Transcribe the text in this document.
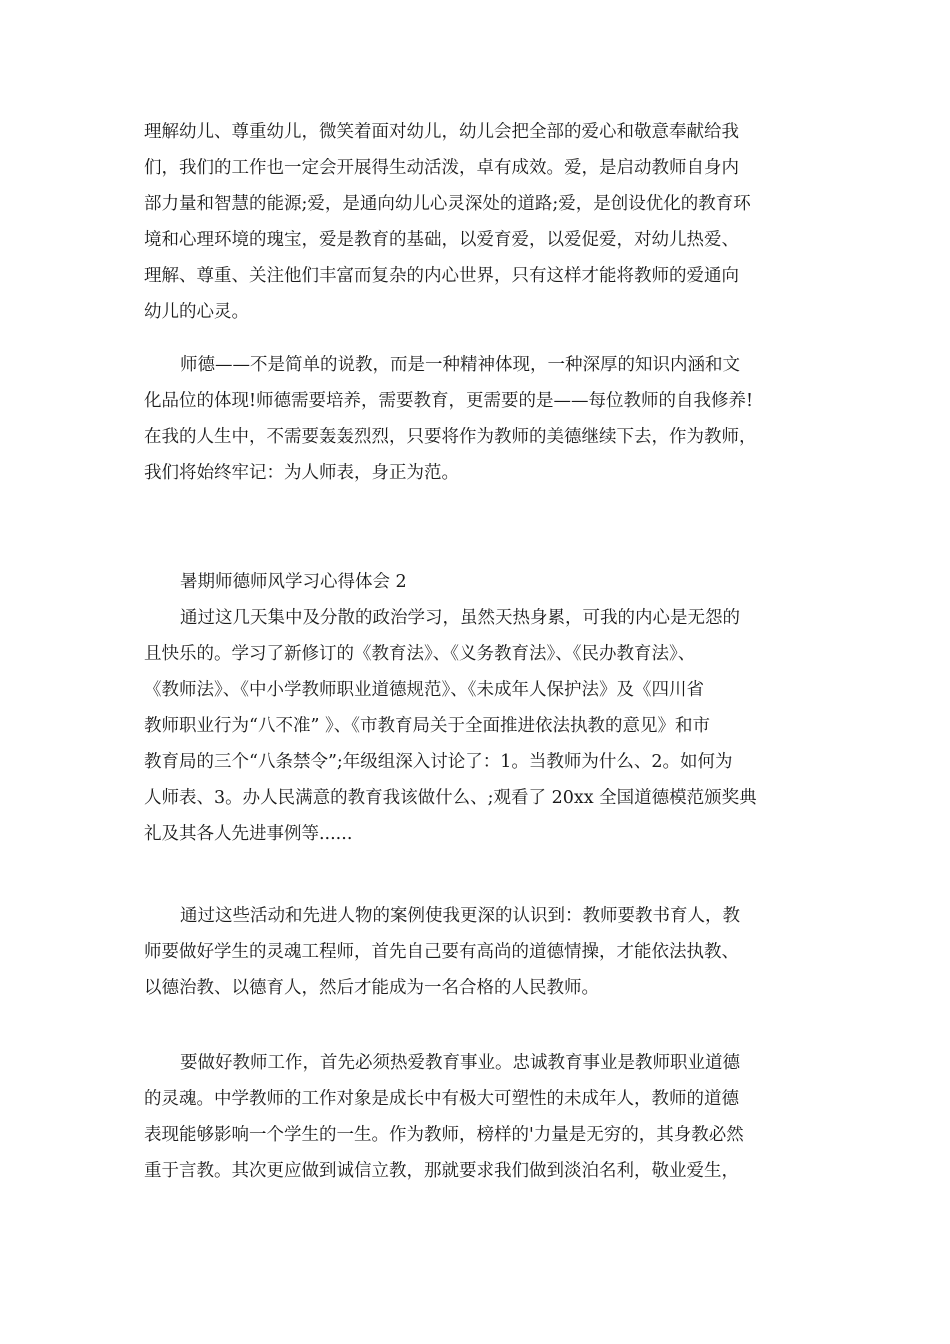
理解幼儿、尊重幼儿，微笑着面对幼儿，幼儿会把全部的爱心和敬意奉献给我
们，我们的工作也一定会开展得生动活泼，卓有成效。爱，是启动教师自身内
部力量和智慧的能源;爱，是通向幼儿心灵深处的道路;爱，是创设优化的教育环
境和心理环境的瑰宝，爱是教育的基础，以爱育爱，以爱促爱，对幼儿热爱、
理解、尊重、关注他们丰富而复杂的内心世界，只有这样才能将教师的爱通向
幼儿的心灵。
师德——不是简单的说教，而是一种精神体现，一种深厚的知识内涵和文
化品位的体现!师德需要培养，需要教育，更需要的是——每位教师的自我修养!
在我的人生中，不需要轰轰烈烈，只要将作为教师的美德继续下去，作为教师，
我们将始终牢记：为人师表，身正为范。
暑期师德师风学习心得体会 2
通过这几天集中及分散的政治学习，虽然天热身累，可我的内心是无怨的
且快乐的。学习了新修订的《教育法》、《义务教育法》、《民办教育法》、
《教师法》、《中小学教师职业道德规范》、《未成年人保护法》及《四川省
教师职业行为“八不准” 》、《市教育局关于全面推进依法执教的意见》和市
教育局的三个“八条禁令”;年级组深入讨论了：1。当教师为什么、2。如何为
人师表、3。办人民满意的教育我该做什么、;观看了 20xx 全国道德模范颁奖典
礼及其各人先进事例等......
通过这些活动和先进人物的案例使我更深的认识到：教师要教书育人，教
师要做好学生的灵魂工程师，首先自己要有高尚的道德情操，才能依法执教、
以德治教、以德育人，然后才能成为一名合格的人民教师。
要做好教师工作，首先必须热爱教育事业。忠诚教育事业是教师职业道德
的灵魂。中学教师的工作对象是成长中有极大可塑性的未成年人，教师的道德
表现能够影响一个学生的一生。作为教师，榜样的'力量是无穷的，其身教必然
重于言教。其次更应做到诚信立教，那就要求我们做到淡泊名利，敬业爱生，
